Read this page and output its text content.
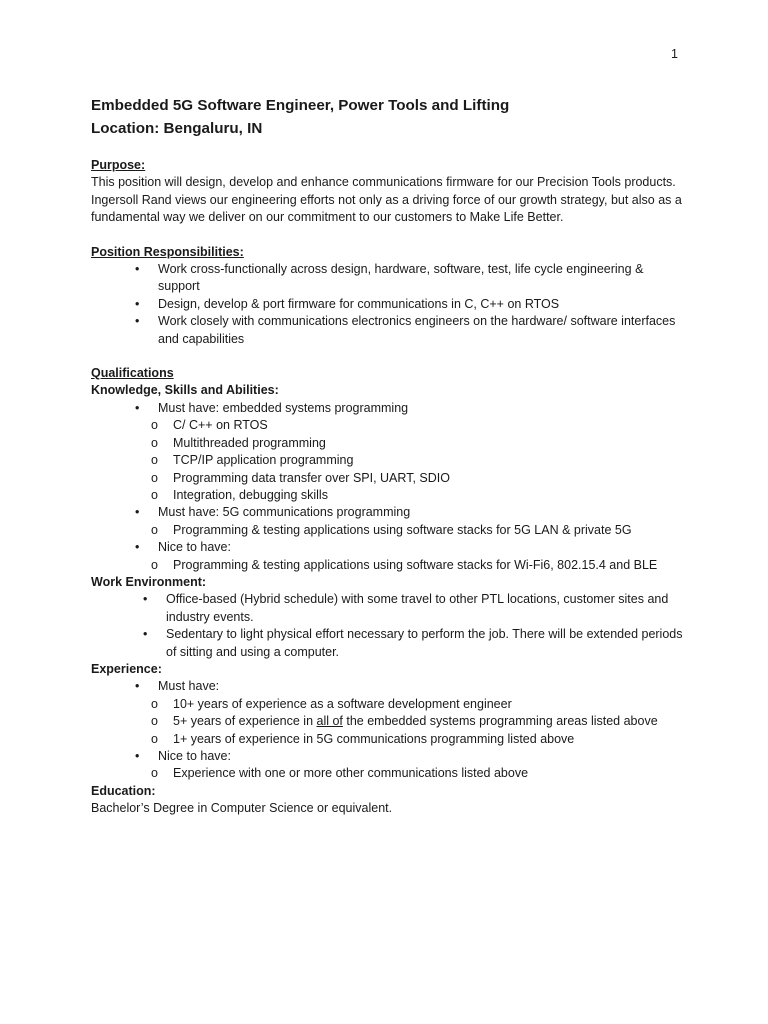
1
Embedded 5G Software Engineer, Power Tools and Lifting
Location: Bengaluru, IN

Purpose:

This position will design, develop and enhance communications firmware for our Precision Tools products. Ingersoll Rand views our engineering efforts not only as a driving force of our growth strategy, but also as a fundamental way we deliver on our commitment to our customers to Make Life Better.

Position Responsibilities:

• Work cross-functionally across design, hardware, software, test, life cycle engineering & support
• Design, develop & port firmware for communications in C, C++ on RTOS
• Work closely with communications electronics engineers on the hardware/ software interfaces and capabilities

Qualifications

Knowledge, Skills and Abilities:

• Must have: embedded systems programming
o C/ C++ on RTOS
o Multithreaded programming
o TCP/IP application programming
o Programming data transfer over SPI, UART, SDIO
o Integration, debugging skills
• Must have: 5G communications programming
o Programming & testing applications using software stacks for 5G LAN & private 5G
• Nice to have:
o Programming & testing applications using software stacks for Wi-Fi6, 802.15.4 and BLE

Work Environment:

• Office-based (Hybrid schedule) with some travel to other PTL locations, customer sites and industry events.
• Sedentary to light physical effort necessary to perform the job. There will be extended periods of sitting and using a computer.

Experience:

• Must have:
o 10+ years of experience as a software development engineer
o 5+ years of experience in all of the embedded systems programming areas listed above
o 1+ years of experience in 5G communications programming listed above
• Nice to have:
o Experience with one or more other communications listed above

Education:

Bachelor’s Degree in Computer Science or equivalent.
